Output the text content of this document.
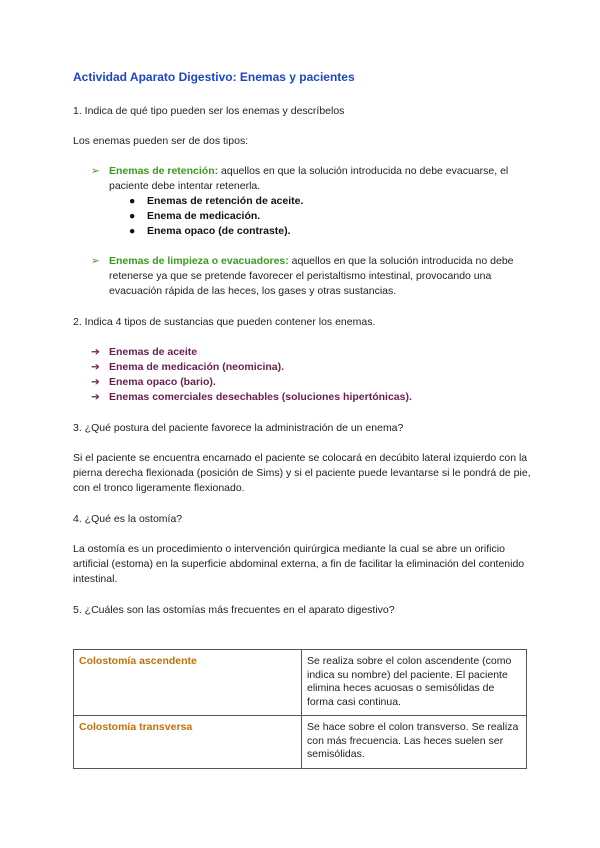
Actividad Aparato Digestivo: Enemas y pacientes
1. Indica de qué tipo pueden ser los enemas y descríbelos
Los enemas pueden ser de dos tipos:
➢ Enemas de retención: aquellos en que la solución introducida no debe evacuarse, el paciente debe intentar retenerla.
● Enemas de retención de aceite.
● Enema de medicación.
● Enema opaco (de contraste).
➢ Enemas de limpieza o evacuadores: aquellos en que la solución introducida no debe retenerse ya que se pretende favorecer el peristaltismo intestinal, provocando una evacuación rápida de las heces, los gases y otras sustancias.
2. Indica 4 tipos de sustancias que pueden contener los enemas.
➔ Enemas de aceite
➔ Enema de medicación (neomicina).
➔ Enema opaco (bario).
➔ Enemas comerciales desechables (soluciones hipertónicas).
3. ¿Qué postura del paciente favorece la administración de un enema?
Si el paciente se encuentra encamado el paciente se colocará en decúbito lateral izquierdo con la pierna derecha flexionada (posición de Sims) y si el paciente puede levantarse si le pondrá de pie, con el tronco ligeramente flexionado.
4. ¿Qué es la ostomía?
La ostomía es un procedimiento o intervención quirúrgica mediante la cual se abre un orificio artificial (estoma) en la superficie abdominal externa, a fin de facilitar la eliminación del contenido intestinal.
5. ¿Cuáles son las ostomías más frecuentes en el aparato digestivo?
Colostomía ascendente	Se realiza sobre el colon ascendente (como indica su nombre) del paciente. El paciente elimina heces acuosas o semisólidas de forma casi continua.
Colostomía transversa	Se hace sobre el colon transverso. Se realiza con más frecuencia. Las heces suelen ser semisólidas.
